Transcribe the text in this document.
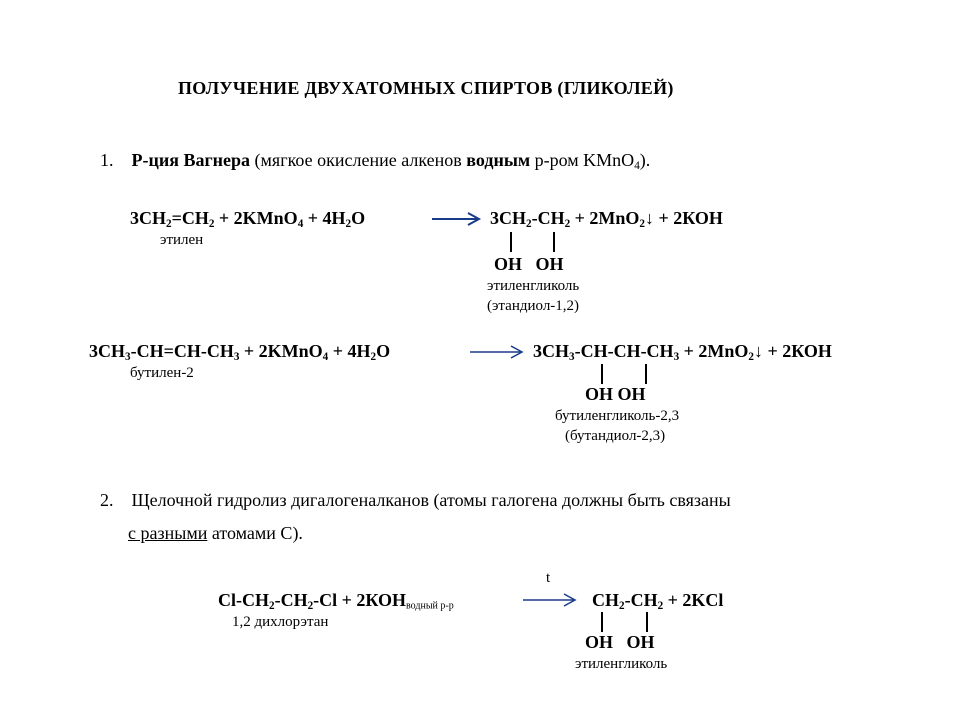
ПОЛУЧЕНИЕ ДВУХАТОМНЫХ СПИРТОВ (ГЛИКОЛЕЙ)
1. Р-ция Вагнера (мягкое окисление алкенов водным р-ром KMnO$_4$).
$3СН_2=СН_2$ + 2KMnO$_4$ + $4H_2O$
этилен
$3СН_2-СН_2$ + 2MnO$_2$↓ + 2КОН
ОН   ОН
этиленгликоль
(этандиол-1,2)
$3СН_3-СН=СН-СН_3$ + 2KMnO$_4$ + $4H_2O$
бутилен-2
$3СН_3-СН-СН-СН_3$ + 2MnO$_2$↓ + 2КОН
ОН ОН
бутиленгликоль-2,3
(бутандиол-2,3)
2. Щелочной гидролиз дигалогеналканов (атомы галогена должны быть связаны
с разными атомами С).
$Cl-СН_2-СН_2-Cl + 2КОН_{водный р-р}$
1,2 дихлорэтан
t
$СН_2-СН_2 + 2KCl$
ОН   ОН
этиленгликоль
